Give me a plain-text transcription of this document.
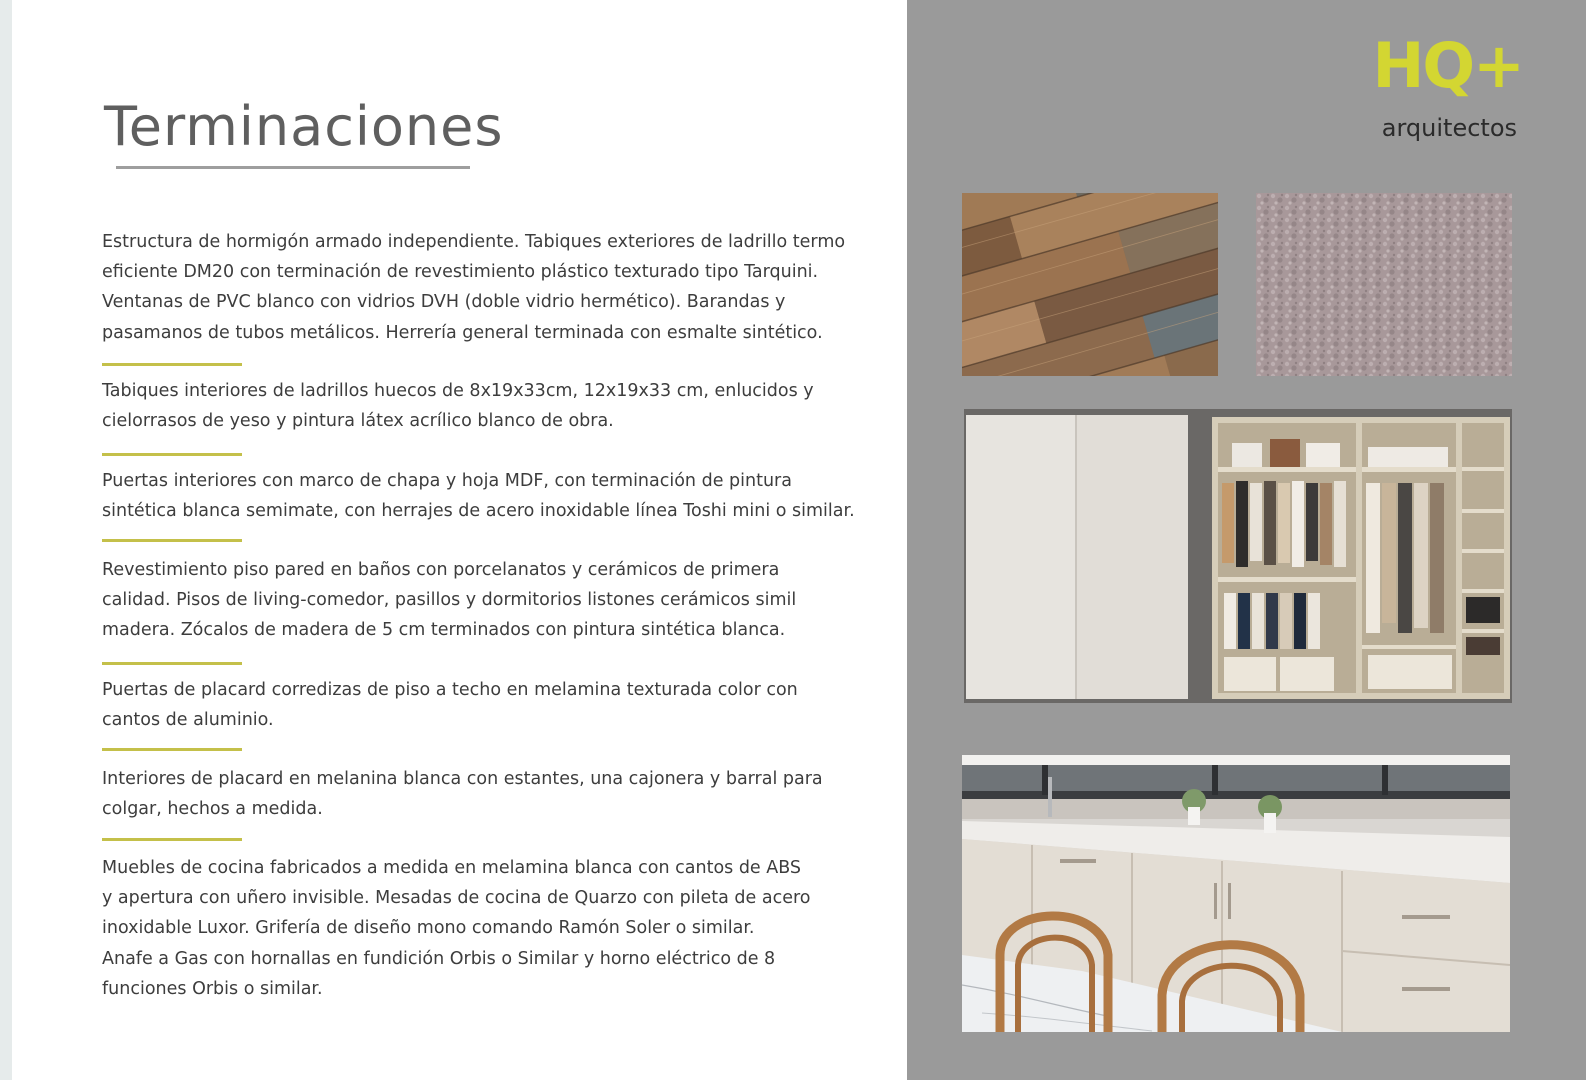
Terminaciones

Estructura de hormigón armado independiente. Tabiques exteriores de ladrillo termo
eficiente DM20 con terminación de revestimiento plástico texturado tipo Tarquini.
Ventanas de PVC blanco con vidrios DVH (doble vidrio hermético). Barandas y
pasamanos de tubos metálicos. Herrería general terminada con esmalte sintético.

Tabiques interiores de ladrillos huecos de 8x19x33cm, 12x19x33 cm, enlucidos y
cielorrasos de yeso y pintura látex acrílico blanco de obra.

Puertas interiores con marco de chapa y hoja MDF, con terminación de pintura
sintética blanca semimate, con herrajes de acero inoxidable línea Toshi mini o similar.

Revestimiento piso pared en baños con porcelanatos y cerámicos de primera
calidad. Pisos de living-comedor, pasillos y dormitorios listones cerámicos simil
madera. Zócalos de madera de 5 cm terminados con pintura sintética blanca.

Puertas de placard corredizas de piso a techo en melamina texturada color con
cantos de aluminio.

Interiores de placard en melanina blanca con estantes, una cajonera y barral para
colgar, hechos a medida.

Muebles de cocina fabricados a medida en melamina blanca con cantos de ABS
y apertura con uñero invisible. Mesadas de cocina de Quarzo con pileta de acero
inoxidable Luxor. Grifería de diseño mono comando Ramón Soler o similar.
Anafe a Gas con hornallas en fundición Orbis o Similar y horno eléctrico de 8
funciones Orbis o similar.

HQ+
arquitectos
